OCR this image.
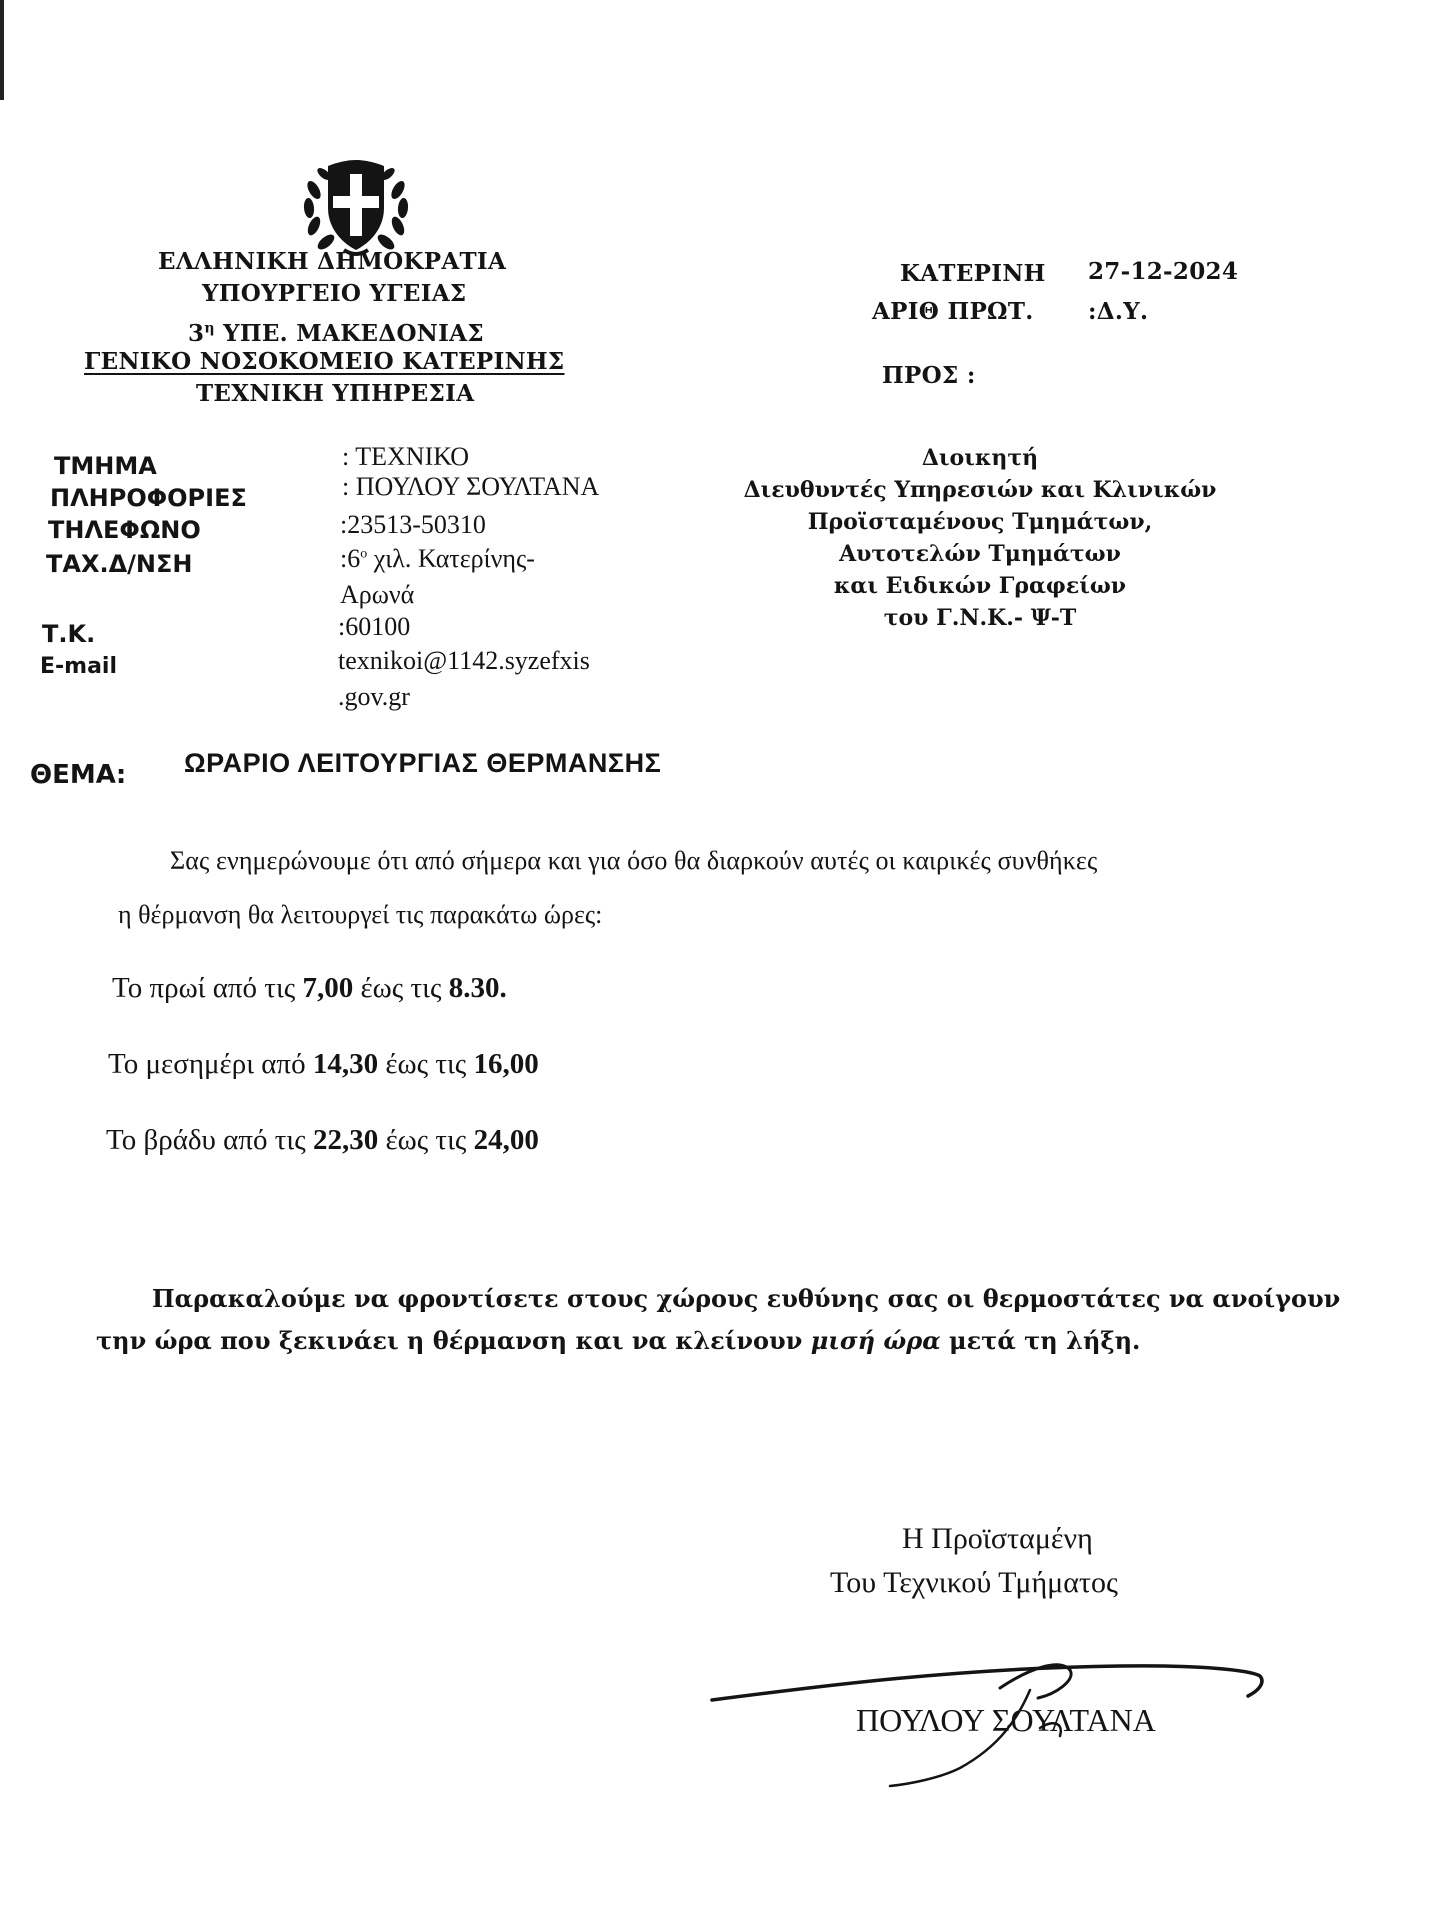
ΕΛΛΗΝΙΚΗ ΔΗΜΟΚΡΑΤΙΑ
ΥΠΟΥΡΓΕΙΟ ΥΓΕΙΑΣ
$3^\eta$ ΥΠΕ. ΜΑΚΕΔΟΝΙΑΣ
ΓΕΝΙΚΟ ΝΟΣΟΚΟΜΕΙΟ ΚΑΤΕΡΙΝΗΣ
ΤΕΧΝΙΚΗ ΥΠΗΡΕΣΙΑ
ΚΑΤΕΡΙΝΗ 27-12-2024
ΑΡΙΘ ΠΡΩΤ. :Δ.Υ.
ΠΡΟΣ :
ΤΜΗΜΑ
ΠΛΗΡΟΦΟΡΙΕΣ
ΤΗΛΕΦΩΝΟ
ΤΑΧ.Δ/ΝΣΗ
Τ.Κ.
E-mail
: ΤΕΧΝΙΚΟ
: ΠΟΥΛΟΥ ΣΟΥΛΤΑΝΑ
:23513-50310
$:6^o$ χιλ. Κατερίνης-
Αρωνά
:60100
texnikoi@1142.syzefxis
.gov.gr
Διοικητή
Διευθυντές Υπηρεσιών και Κλινικών
Προϊσταμένους Τμημάτων,
Αυτοτελών Τμημάτων
και Ειδικών Γραφείων
του Γ.Ν.Κ.- Ψ-Τ
ΘΕΜΑ: ΩΡΑΡΙΟ ΛΕΙΤΟΥΡΓΙΑΣ ΘΕΡΜΑΝΣΗΣ
Σας ενημερώνουμε ότι από σήμερα και για όσο θα διαρκούν αυτές οι καιρικές συνθήκες
η θέρμανση θα λειτουργεί τις παρακάτω ώρες:
Το πρωί από τις 7,00 έως τις 8.30.
Το μεσημέρι από 14,30 έως τις 16,00
Το βράδυ από τις 22,30 έως τις 24,00
Παρακαλούμε να φροντίσετε στους χώρους ευθύνης σας οι θερμοστάτες να ανοίγουν
την ώρα που ξεκινάει η θέρμανση και να κλείνουν μισή ώρα μετά τη λήξη.
Η Προϊσταμένη
Του Τεχνικού Τμήματος
ΠΟΥΛΟΥ ΣΟΥΛΤΑΝΑ
